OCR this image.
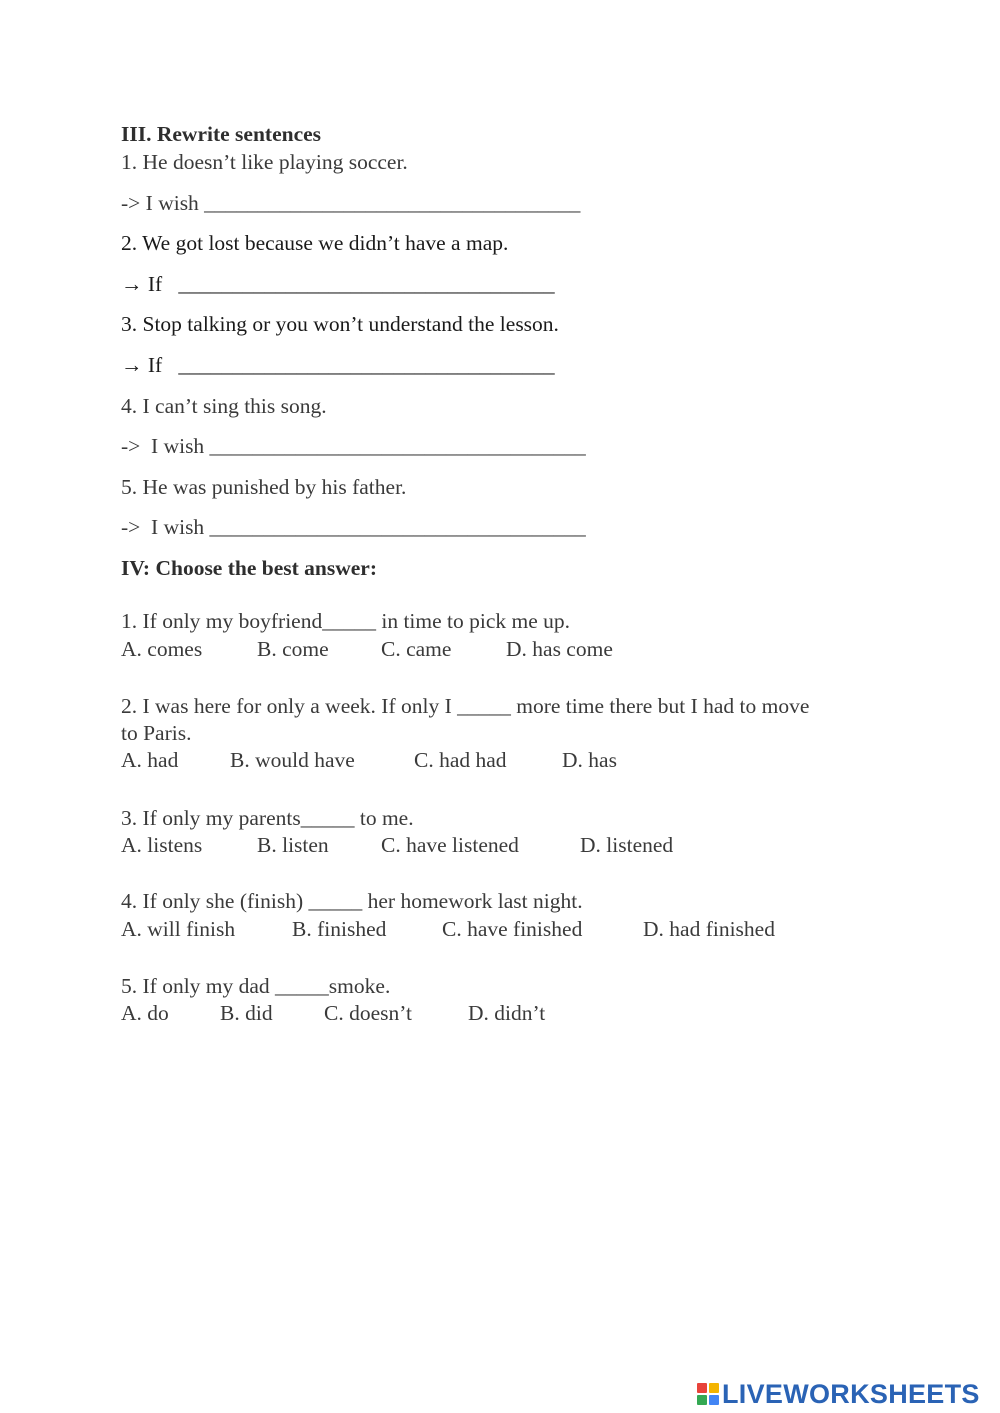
III. Rewrite sentences
1. He doesn’t like playing soccer.
-> I wish ___________________________________
2. We got lost because we didn’t have a map.
→ If   ___________________________________
3. Stop talking or you won’t understand the lesson.
→ If   ___________________________________
4. I can’t sing this song.
->  I wish ___________________________________
5. He was punished by his father.
->  I wish ___________________________________
IV: Choose the best answer:
1. If only my boyfriend_____ in time to pick me up.
A. comes	B. come C. came	D. has come
2. I was here for only a week. If only I _____ more time there but I had to move
to Paris.
A. had B. would have	C. had had	D. has
3. If only my parents_____ to me.
A. listens	B. listen C. have listened	D. listened
4. If only she (finish) _____ her homework last night.
A. will finish	B. finished	C. have finished	D. had finished
5. If only my dad _____smoke.
A. do B. did C. doesn’t	D. didn’t
LIVEWORKSHEETS
